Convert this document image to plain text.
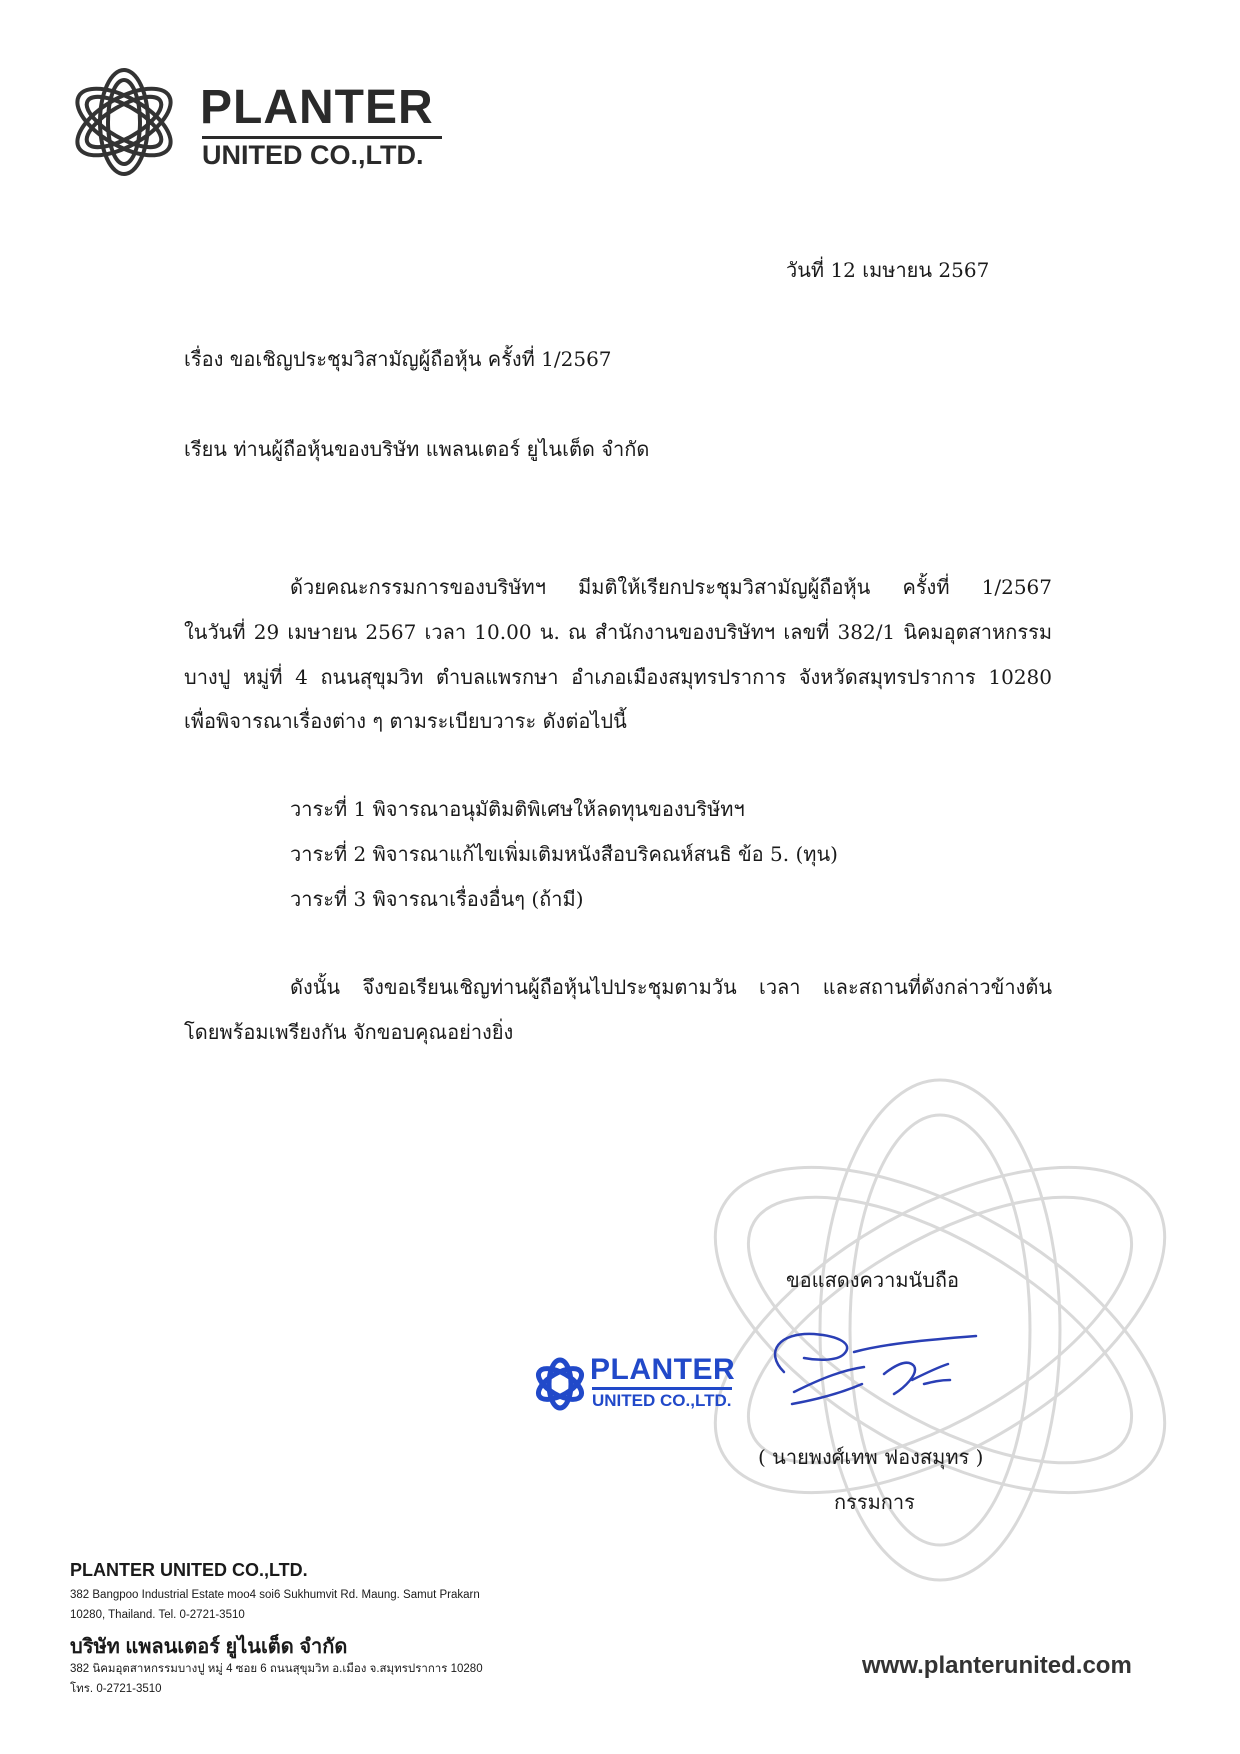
PLANTER
UNITED CO.,LTD.
วันที่ 12 เมษายน 2567
เรื่อง ขอเชิญประชุมวิสามัญผู้ถือหุ้น ครั้งที่ 1/2567
เรียน ท่านผู้ถือหุ้นของบริษัท แพลนเตอร์ ยูไนเต็ด จำกัด
ด้วยคณะกรรมการของบริษัทฯ มีมติให้เรียกประชุมวิสามัญผู้ถือหุ้น ครั้งที่ 1/2567
ในวันที่ 29 เมษายน 2567 เวลา 10.00 น. ณ สำนักงานของบริษัทฯ เลขที่ 382/1 นิคมอุตสาหกรรม
บางปู หมู่ที่ 4 ถนนสุขุมวิท ตำบลแพรกษา อำเภอเมืองสมุทรปราการ จังหวัดสมุทรปราการ 10280
เพื่อพิจารณาเรื่องต่าง ๆ ตามระเบียบวาระ ดังต่อไปนี้
วาระที่ 1 พิจารณาอนุมัติมติพิเศษให้ลดทุนของบริษัทฯ
วาระที่ 2 พิจารณาแก้ไขเพิ่มเติมหนังสือบริคณห์สนธิ ข้อ 5. (ทุน)
วาระที่ 3 พิจารณาเรื่องอื่นๆ (ถ้ามี)
ดังนั้น จึงขอเรียนเชิญท่านผู้ถือหุ้นไปประชุมตามวัน เวลา และสถานที่ดังกล่าวข้างต้น
โดยพร้อมเพรียงกัน จักขอบคุณอย่างยิ่ง
ขอแสดงความนับถือ
PLANTER
UNITED CO.,LTD.
( นายพงศ์เทพ ฟองสมุทร )
กรรมการ
PLANTER UNITED CO.,LTD.
382 Bangpoo Industrial Estate moo4 soi6 Sukhumvit Rd. Maung. Samut Prakarn
10280, Thailand. Tel. 0-2721-3510
บริษัท แพลนเตอร์ ยูไนเต็ด จำกัด
382 นิคมอุตสาหกรรมบางปู หมู่ 4 ซอย 6 ถนนสุขุมวิท อ.เมือง จ.สมุทรปราการ 10280
โทร. 0-2721-3510
www.planterunited.com
